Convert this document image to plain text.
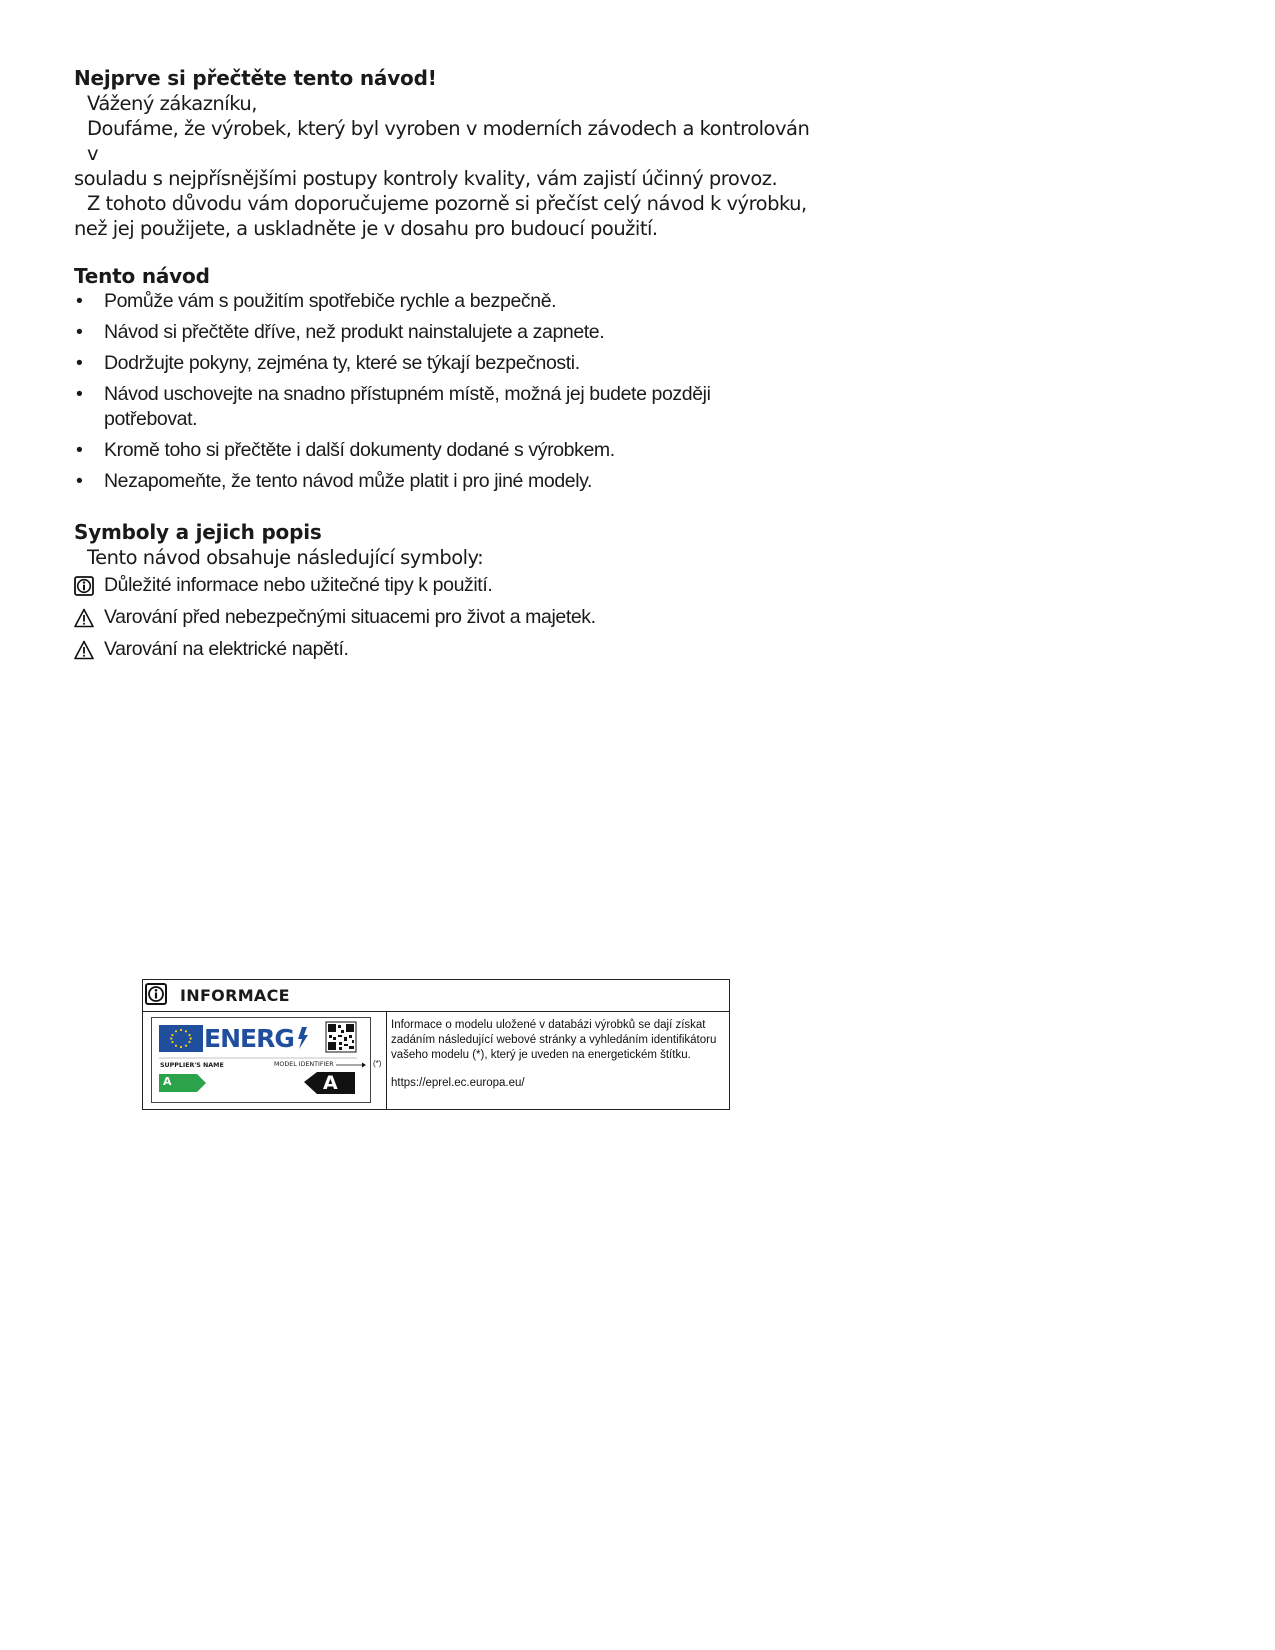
Nejprve si přečtěte tento návod!

Vážený zákazníku,

Doufáme, že výrobek, který byl vyroben v moderních závodech a kontrolován v

souladu s nejpřísnějšími postupy kontroly kvality, vám zajistí účinný provoz.

Z tohoto důvodu vám doporučujeme pozorně si přečíst celý návod k výrobku,

než jej použijete, a uskladněte je v dosahu pro budoucí použití.

Tento návod
• Pomůže vám s použitím spotřebiče rychle a bezpečně.
• Návod si přečtěte dříve, než produkt nainstalujete a zapnete.
• Dodržujte pokyny, zejména ty, které se týkají bezpečnosti.
• Návod uschovejte na snadno přístupném místě, možná jej budete později potřebovat.
• Kromě toho si přečtěte i další dokumenty dodané s výrobkem.
• Nezapomeňte, že tento návod může platit i pro jiné modely.
Symboly a jejich popis

Tento návod obsahuje následující symboly:

Důležité informace nebo užitečné tipy k použití.
Varování před nebezpečnými situacemi pro život a majetek.
Varování na elektrické napětí.
INFORMACE
ENERG
SUPPLIER'S NAME	MODEL IDENTIFIER
A	A
(*)
Informace o modelu uložené v databázi výrobků se dají získat zadáním následující webové stránky a vyhledáním identifikátoru vašeho modelu (*), který je uveden na energetickém štítku.
https://eprel.ec.europa.eu/
